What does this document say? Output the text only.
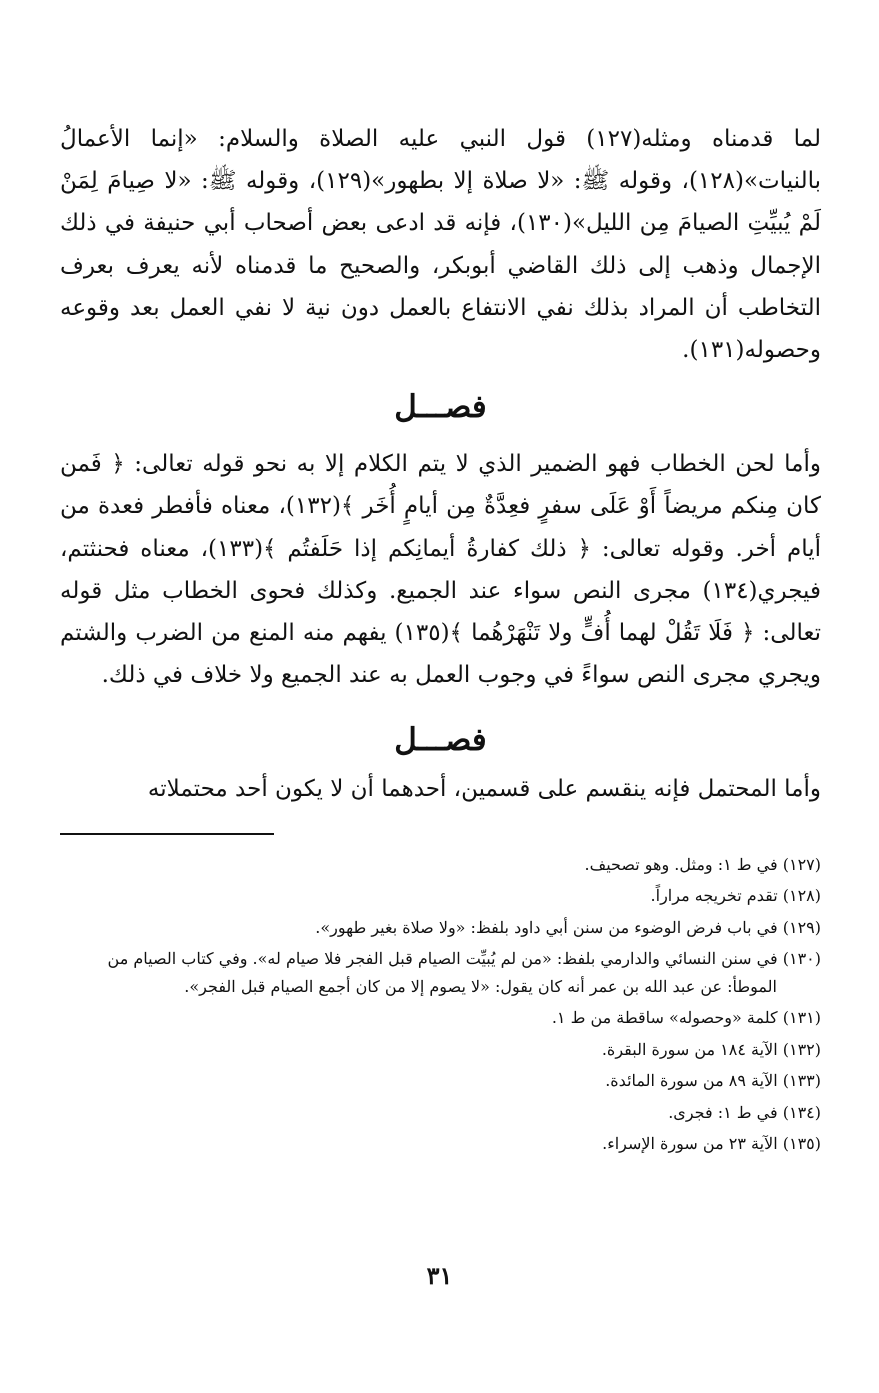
لما قدمناه ومثله(١٢٧) قول النبي عليه الصلاة والسلام: «إنما الأعمالُ بالنيات»(١٢٨)، وقوله ﷺ: «لا صلاة إلا بطهور»(١٢٩)، وقوله ﷺ: «لا صِيامَ لِمَنْ لَمْ يُبيِّتِ الصيامَ مِن الليل»(١٣٠)، فإنه قد ادعى بعض أصحاب أبي حنيفة في ذلك الإجمال وذهب إلى ذلك القاضي أبوبكر، والصحيح ما قدمناه لأنه يعرف بعرف التخاطب أن المراد بذلك نفي الانتفاع بالعمل دون نية لا نفي العمل بعد وقوعه وحصوله(١٣١).

فصـــل

وأما لحن الخطاب فهو الضمير الذي لا يتم الكلام إلا به نحو قوله تعالى: ﴿ فَمن كان مِنكم مريضاً أَوْ عَلَى سفرٍ فعِدَّةٌ مِن أيامٍ أُخَر ﴾(١٣٢)، معناه فأفطر فعدة من أيام أخر. وقوله تعالى: ﴿ ذلك كفارةُ أيمانِكم إذا حَلَفتُم ﴾(١٣٣)، معناه فحنثتم، فيجري(١٣٤) مجرى النص سواء عند الجميع. وكذلك فحوى الخطاب مثل قوله تعالى: ﴿ فَلَا تَقُلْ لهما أُفٍّ ولا تَنْهَرْهُما ﴾(١٣٥) يفهم منه المنع من الضرب والشتم ويجري مجرى النص سواءً في وجوب العمل به عند الجميع ولا خلاف في ذلك.

فصـــل

وأما المحتمل فإنه ينقسم على قسمين، أحدهما أن لا يكون أحد محتملاته

(١٢٧) في ط ١: ومثل. وهو تصحيف.

(١٢٨) تقدم تخريجه مراراً.

(١٢٩) في باب فرض الوضوء من سنن أبي داود بلفظ: «ولا صلاة بغير طهور».

(١٣٠) في سنن النسائي والدارمي بلفظ: «من لم يُبيِّت الصيام قبل الفجر فلا صيام له». وفي كتاب الصيام من الموطأ: عن عبد الله بن عمر أنه كان يقول: «لا يصوم إلا من كان أجمع الصيام قبل الفجر».

(١٣١) كلمة «وحصوله» ساقطة من ط ١.

(١٣٢) الآية ١٨٤ من سورة البقرة.

(١٣٣) الآية ٨٩ من سورة المائدة.

(١٣٤) في ط ١: فجرى.

(١٣٥) الآية ٢٣ من سورة الإسراء.

٣١
